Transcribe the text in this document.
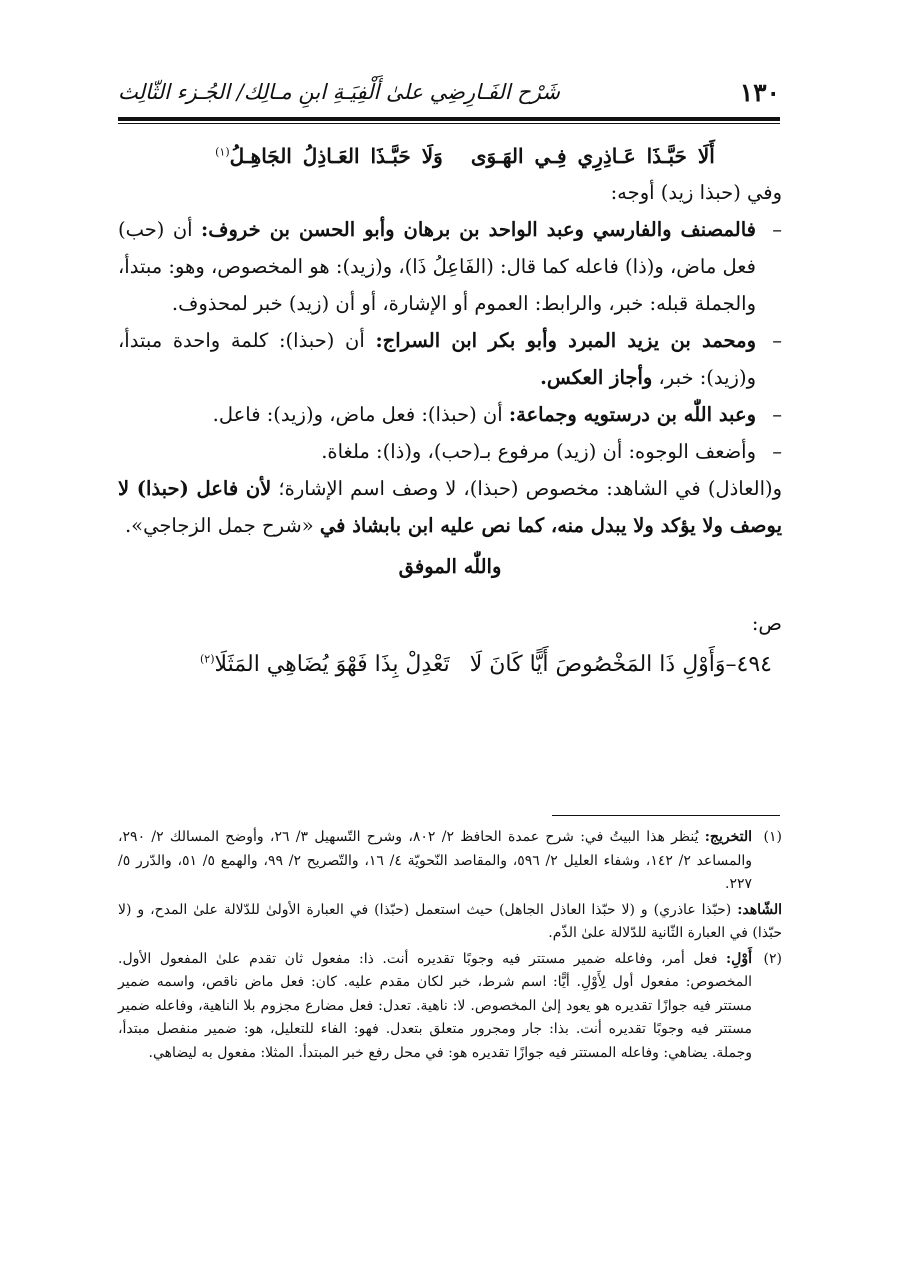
١٣٠
شَرْح الفَـارِضِي علىٰ أَلْفِيَـةِ ابنِ مـالِك/ الجُـزء الثّالِث
أَلَا حَبَّـذَا عَـاذِرِي فِـي الهَـوَىوَلَا حَبَّـذَا العَـاذِلُ الجَاهِـلُ$^{(١)}$

وفي (حبذا زيد) أوجه:

–
فالمصنف والفارسي وعبد الواحد بن برهان وأبو الحسن بن خروف: أن (حب) فعل ماض، و(ذا) فاعله كما قال: (الفَاعِلُ ذَا)، و(زيد): هو المخصوص، وهو: مبتدأ، والجملة قبله: خبر، والرابط: العموم أو الإشارة، أو أن (زيد) خبر لمحذوف.

–
ومحمد بن يزيد المبرد وأبو بكر ابن السراج: أن (حبذا): كلمة واحدة مبتدأ، و(زيد): خبر، وأجاز العكس.

–
وعبد اللّٰه بن درستويه وجماعة: أن (حبذا): فعل ماض، و(زيد): فاعل.

–
وأضعف الوجوه: أن (زيد) مرفوع بـ(حب)، و(ذا): ملغاة.

و(العاذل) في الشاهد: مخصوص (حبذا)، لا وصف اسم الإشارة؛ لأن فاعل (حبذا) لا يوصف ولا يؤكد ولا يبدل منه، كما نص عليه ابن بابشاذ في «شرح جمل الزجاجي».

واللّٰه الموفق
ص:
٤٩٤–وَأَوْلِ ذَا المَخْصُوصَ أَيًّا كَانَ لَاتَعْدِلْ بِذَا فَهْوَ يُضَاهِي المَثَلَا$^{(٢)}$

(١)
التخريج: يُنظر هذا البيتُ في: شرح عمدة الحافظ ٢/ ٨٠٢، وشرح التّسهيل ٣/ ٢٦، وأوضح المسالك ٢/ ٢٩٠، والمساعد ٢/ ١٤٢، وشفاء العليل ٢/ ٥٩٦، والمقاصد النّحويّة ٤/ ١٦، والتّصريح ٢/ ٩٩، والهمع ٥/ ٥١، والدّرر ٥/ ٢٢٧.

الشّاهد: (حبّذا عاذري) و (لا حبّذا العاذل الجاهل) حيث استعمل (حبّذا) في العبارة الأولىٰ للدّلالة علىٰ المدح، و (لا حبّذا) في العبارة الثّانية للدّلالة علىٰ الذّم.

(٢)
أَوْلِ: فعل أمر، وفاعله ضمير مستتر فيه وجوبًا تقديره أنت. ذا: مفعول ثان تقدم علىٰ المفعول الأول. المخصوص: مفعول أول لِأَوْلِ. أيًّا: اسم شرط، خبر لكان مقدم عليه. كان: فعل ماض ناقص، واسمه ضمير مستتر فيه جوازًا تقديره هو يعود إلىٰ المخصوص. لا: ناهية. تعدل: فعل مضارع مجزوم بلا الناهية، وفاعله ضمير مستتر فيه وجوبًا تقديره أنت. بذا: جار ومجرور متعلق بتعدل. فهو: الفاء للتعليل، هو: ضمير منفصل مبتدأ، وجملة. يضاهي: وفاعله المستتر فيه جوازًا تقديره هو: في محل رفع خبر المبتدأ. المثلا: مفعول به ليضاهي.
